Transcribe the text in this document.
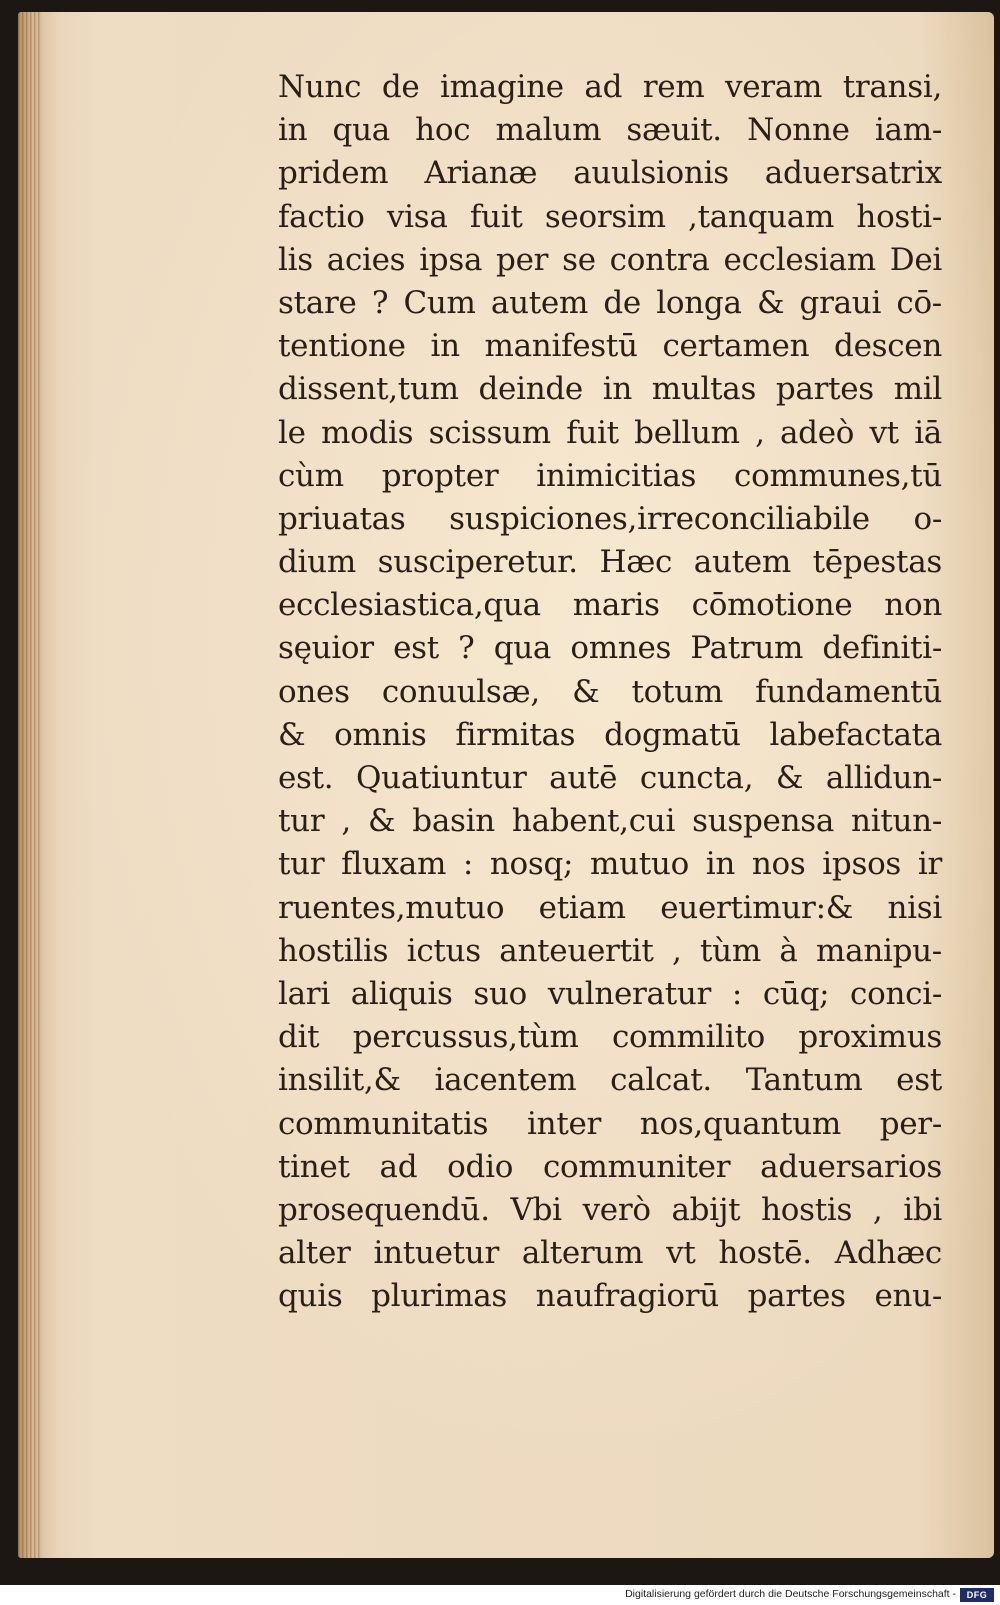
Nunc de imagine ad rem veram transi,
in qua hoc malum sæuit. Nonne iam-
pridem Arianæ auulsionis aduersatrix
factio visa fuit seorsim ,tanquam hosti-
lis acies ipsa per se contra ecclesiam Dei
stare ? Cum autem de longa & graui cō-
tentione in manifestū certamen descen
dissent,tum deinde in multas partes mil
le modis scissum fuit bellum , adeò vt iā
cùm propter inimicitias communes,tū
priuatas suspiciones,irreconciliabile o-
dium susciperetur. Hæc autem tēpestas
ecclesiastica,qua maris cōmotione non
sęuior est ? qua omnes Patrum definiti-
ones conuulsæ, & totum fundamentū
& omnis firmitas dogmatū labefactata
est. Quatiuntur autē cuncta, & allidun-
tur , & basin habent,cui suspensa nitun-
tur fluxam : nosq; mutuo in nos ipsos ir
ruentes,mutuo etiam euertimur:& nisi
hostilis ictus anteuertit , tùm à manipu-
lari aliquis suo vulneratur : cūq; conci-
dit percussus,tùm commilito proximus
insilit,& iacentem calcat. Tantum est
communitatis inter nos,quantum per-
tinet ad odio communiter aduersarios
prosequendū. Vbi verò abijt hostis , ibi
alter intuetur alterum vt hostē. Adhæc
quis plurimas naufragiorū partes enu-
Digitalisierung gefördert durch die Deutsche Forschungsgemeinschaft -	DFG
